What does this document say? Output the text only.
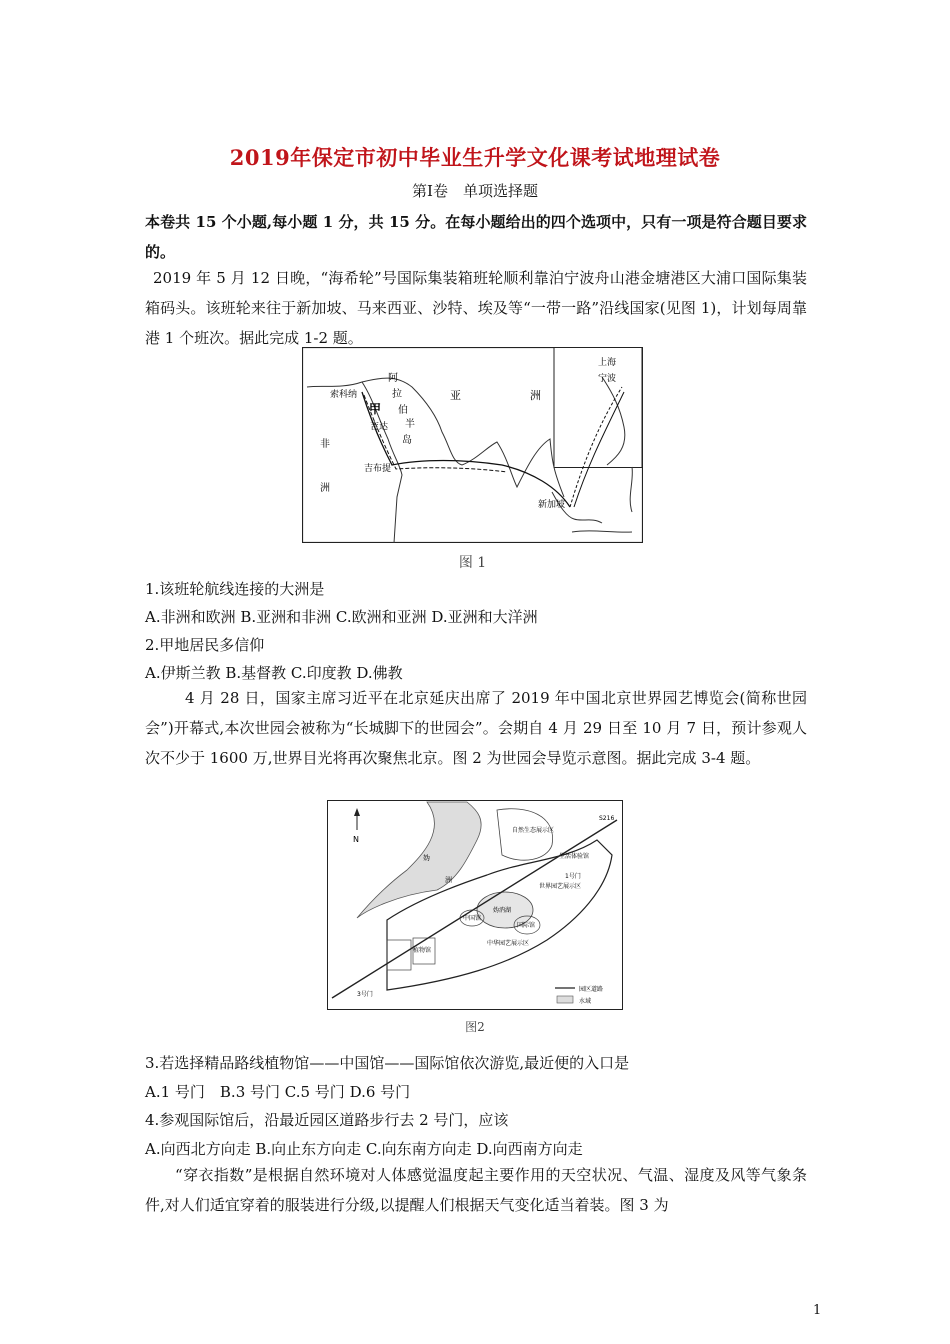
2019年保定市初中毕业生升学文化课考试地理试卷
第Ⅰ卷　单项选择题
本卷共 15 个小题,每小题 1 分，共 15 分。在每小题给出的四个选项中，只有一项是符合题目要求的。
2019 年 5 月 12 日晚，“海希轮”号国际集装箱班轮顺利靠泊宁波舟山港金塘港区大浦口国际集装箱码头。该班轮来往于新加坡、马来西亚、沙特、埃及等“一带一路”沿线国家(见图 1)，计划每周靠港 1 个班次。据此完成 1-2 题。
亚	洲
阿
拉
伯
半
岛
甲
索科纳
吉达
吉布提
非
洲
上海
宁波
新加坡
图 1
1.该班轮航线连接的大洲是
A.非洲和欧洲 B.亚洲和非洲 C.欧洲和亚洲 D.亚洲和大洋洲
2.甲地居民多信仰
A.伊斯兰教 B.基督教 C.印度教 D.佛教
4 月 28 日，国家主席习近平在北京延庆出席了 2019 年中国北京世界园艺博览会(简称世园会”)开幕式,本次世园会被称为“长城脚下的世园会”。会期自 4 月 29 日至 10 月 7 日，预计参观人次不少于 1600 万,世界目光将再次聚焦北京。图 2 为世园会导览示意图。据此完成 3-4 题。
N
自然生态展示区
妫
洲
生活体验馆
世界园艺展示区
妫汭湖
中国馆
国际馆
植物馆
中华园艺展示区
3号门
1号门
S216
园区道路
水域
图2
3.若选择精品路线植物馆——中国馆——国际馆依次游览,最近便的入口是
A.1 号门　B.3 号门 C.5 号门 D.6 号门
4.参观国际馆后，沿最近园区道路步行去 2 号门，应该
A.向西北方向走 B.向止东方向走 C.向东南方向走 D.向西南方向走
“穿衣指数”是根据自然环境对人体感觉温度起主要作用的天空状况、气温、湿度及风等气象条件,对人们适宜穿着的服装进行分级,以提醒人们根据天气变化适当着装。图 3 为
1
